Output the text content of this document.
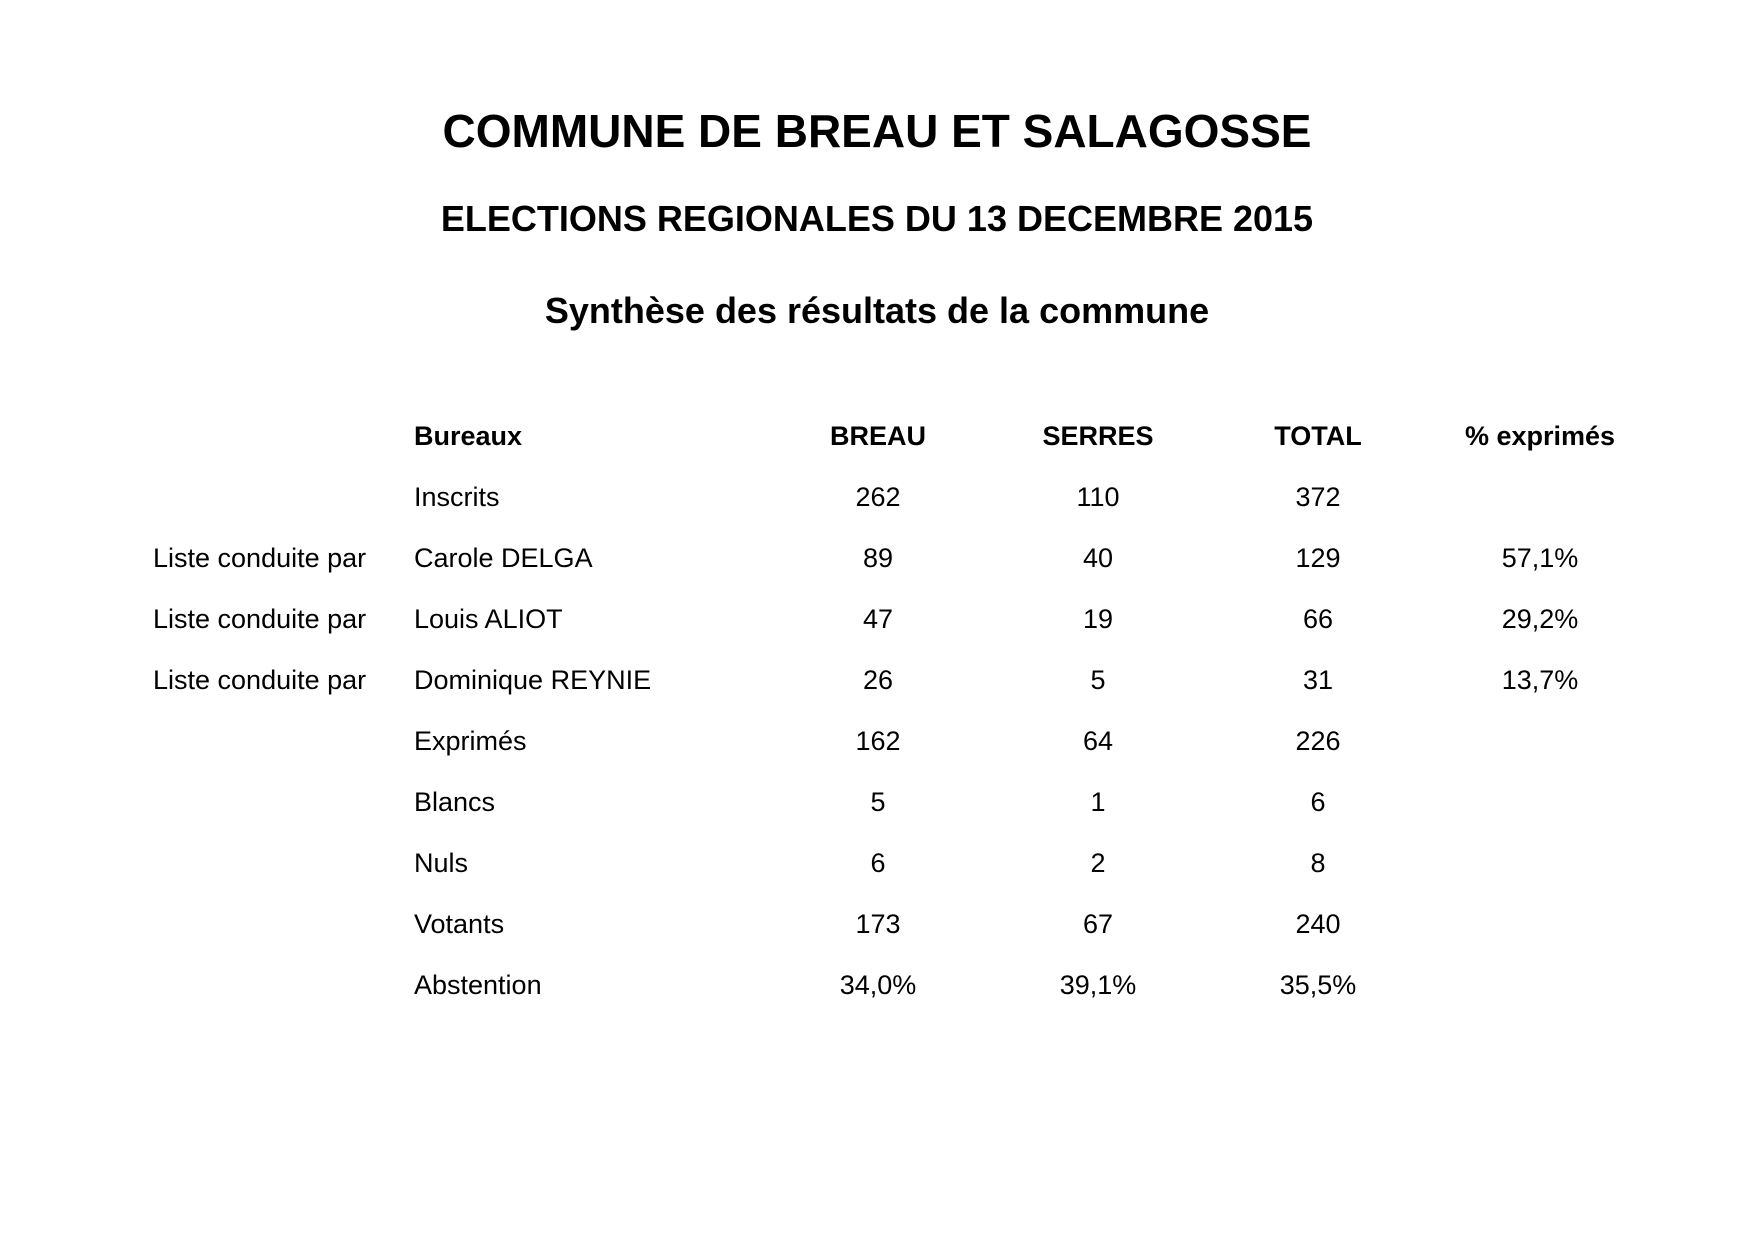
COMMUNE DE BREAU ET SALAGOSSE
ELECTIONS REGIONALES DU 13 DECEMBRE 2015
Synthèse des résultats de la commune
	Bureaux	BREAU	SERRES	TOTAL	% exprimés
	Inscrits	262	110	372	
Liste conduite par	Carole DELGA	89	40	129	57,1%
Liste conduite par	Louis ALIOT	47	19	66	29,2%
Liste conduite par	Dominique REYNIE	26	5	31	13,7%
	Exprimés	162	64	226	
	Blancs	5	1	6	
	Nuls	6	2	8	
	Votants	173	67	240	
	Abstention	34,0%	39,1%	35,5%	
